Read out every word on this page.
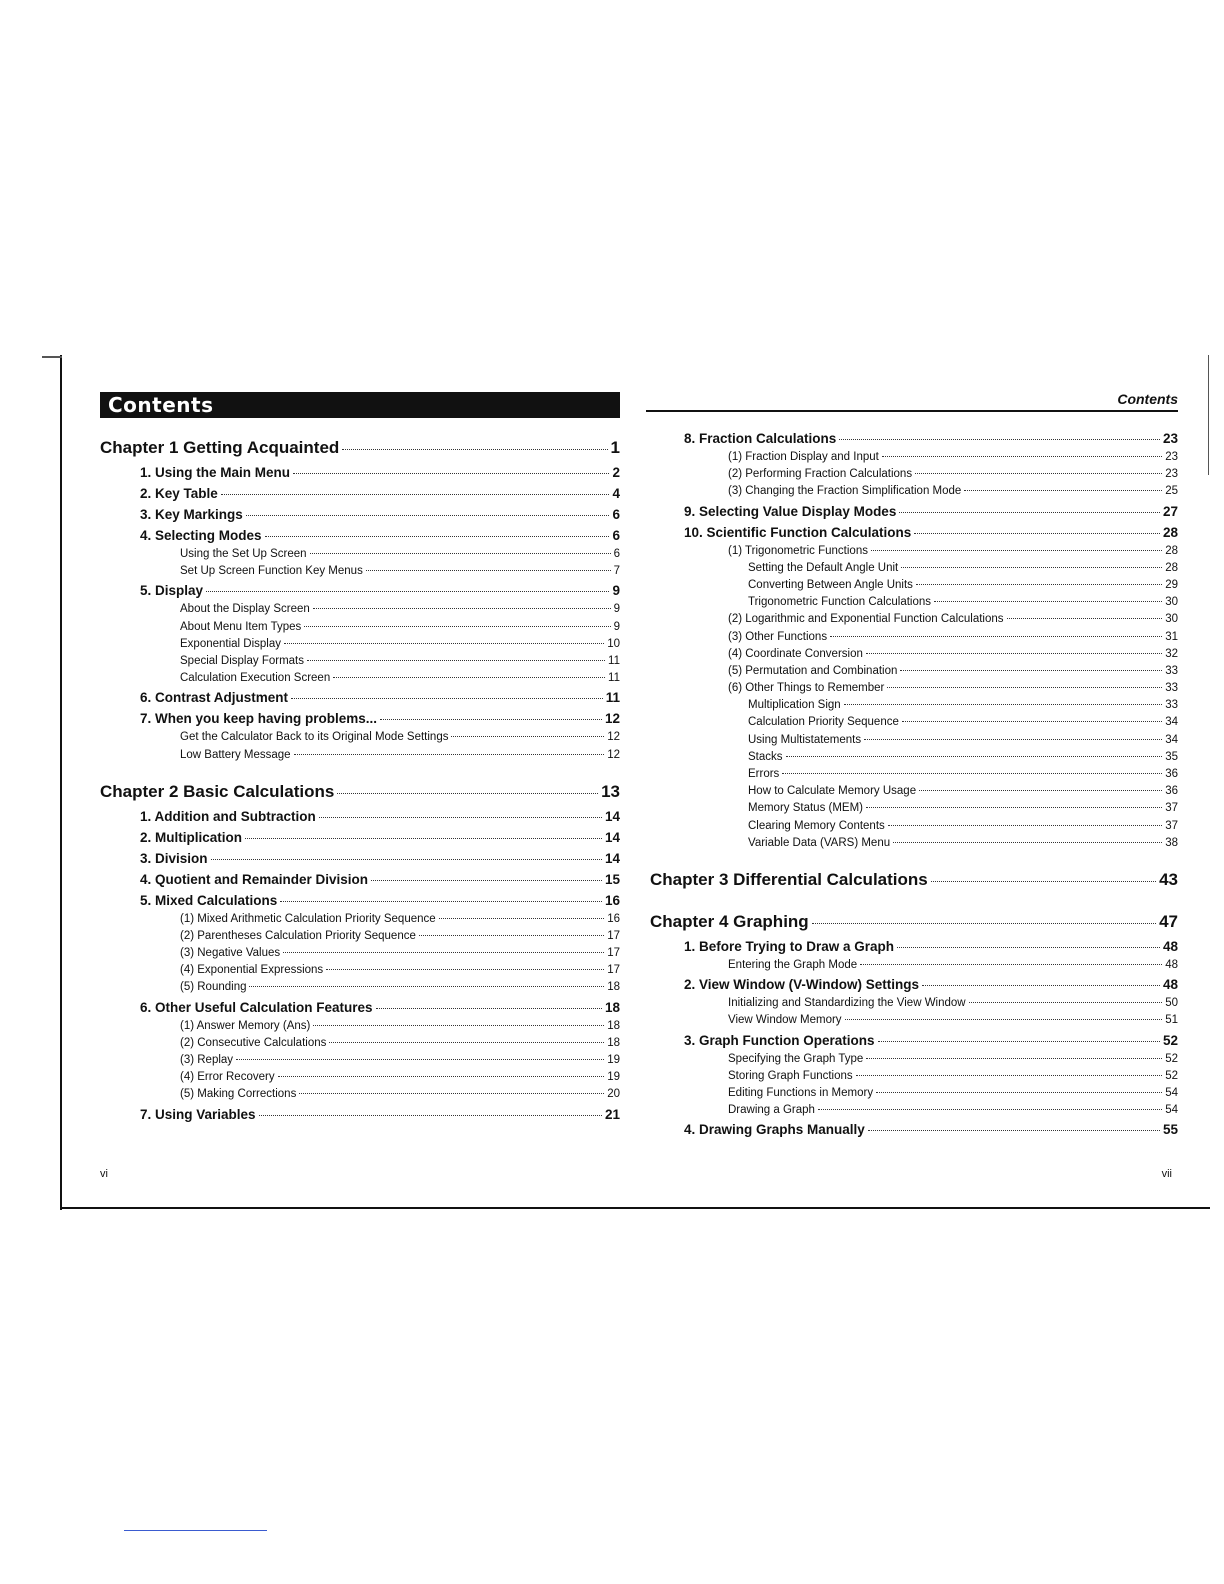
Contents
Chapter 1 Getting Acquainted	1
1. Using the Main Menu	2
2. Key Table	4
3. Key Markings	6
4. Selecting Modes	6
Using the Set Up Screen	6
Set Up Screen Function Key Menus	7
5. Display	9
About the Display Screen	9
About Menu Item Types	9
Exponential Display	10
Special Display Formats	11
Calculation Execution Screen	11
6. Contrast Adjustment	11
7. When you keep having problems...	12
Get the Calculator Back to its Original Mode Settings	12
Low Battery Message	12
Chapter 2 Basic Calculations	13
1. Addition and Subtraction	14
2. Multiplication	14
3. Division	14
4. Quotient and Remainder Division	15
5. Mixed Calculations	16
(1) Mixed Arithmetic Calculation Priority Sequence	16
(2) Parentheses Calculation Priority Sequence	17
(3) Negative Values	17
(4) Exponential Expressions	17
(5) Rounding	18
6. Other Useful Calculation Features	18
(1) Answer Memory (Ans)	18
(2) Consecutive Calculations	18
(3) Replay	19
(4) Error Recovery	19
(5) Making Corrections	20
7. Using Variables	21
vi
Contents
8. Fraction Calculations	23
(1) Fraction Display and Input	23
(2) Performing Fraction Calculations	23
(3) Changing the Fraction Simplification Mode	25
9. Selecting Value Display Modes	27
10. Scientific Function Calculations	28
(1) Trigonometric Functions	28
Setting the Default Angle Unit	28
Converting Between Angle Units	29
Trigonometric Function Calculations	30
(2) Logarithmic and Exponential Function Calculations	30
(3) Other Functions	31
(4) Coordinate Conversion	32
(5) Permutation and Combination	33
(6) Other Things to Remember	33
Multiplication Sign	33
Calculation Priority Sequence	34
Using Multistatements	34
Stacks	35
Errors	36
How to Calculate Memory Usage	36
Memory Status (MEM)	37
Clearing Memory Contents	37
Variable Data (VARS) Menu	38
Chapter 3 Differential Calculations	43
Chapter 4 Graphing	47
1. Before Trying to Draw a Graph	48
Entering the Graph Mode	48
2. View Window (V-Window) Settings	48
Initializing and Standardizing the View Window	50
View Window Memory	51
3. Graph Function Operations	52
Specifying the Graph Type	52
Storing Graph Functions	52
Editing Functions in Memory	54
Drawing a Graph	54
4. Drawing Graphs Manually	55
vii
